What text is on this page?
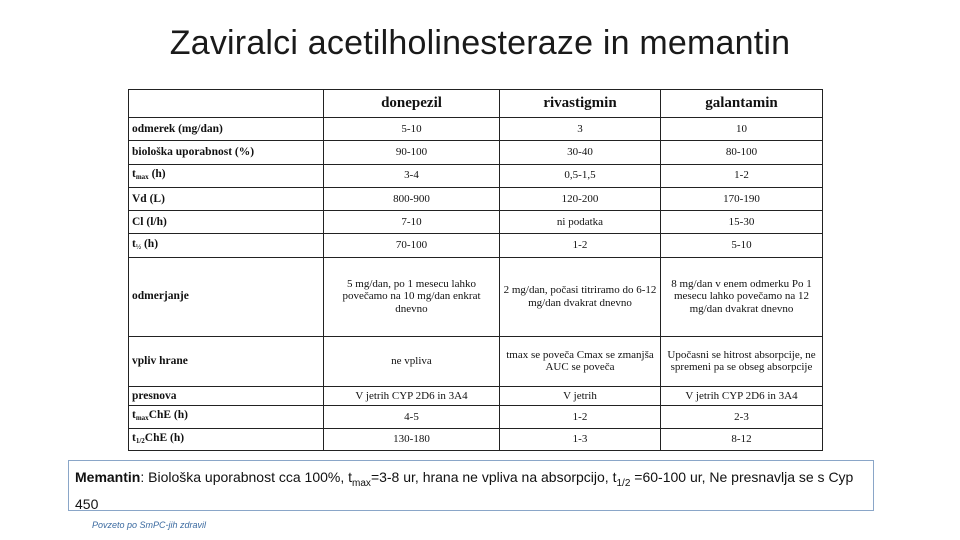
Zaviralci acetilholinesteraze in memantin
	donepezil	rivastigmin	galantamin
odmerek (mg/dan)	5-10	3	10
biološka uporabnost (%)	90-100	30-40	80-100
$t_{max}$ (h)	3-4	0,5-1,5	1-2
Vd (L)	800-900	120-200	170-190
Cl (l/h)	7-10	ni podatka	15-30
$t_{\frac{1}{2}}$ (h)	70-100	1-2	5-10
odmerjanje	5 mg/dan, po 1 mesecu lahko povečamo na 10 mg/dan enkrat dnevno	2 mg/dan, počasi titriramo do 6-12 mg/dan dvakrat dnevno	8 mg/dan v enem odmerku Po 1 mesecu lahko povečamo na 12 mg/dan dvakrat dnevno
vpliv hrane	ne vpliva	tmax se poveča Cmax se zmanjša AUC se poveča	Upočasni se hitrost absorpcije, ne spremeni pa se obseg absorpcije
presnova	V jetrih CYP 2D6 in 3A4	V jetrih	V jetrih CYP 2D6 in 3A4
$t_{max}ChE$ (h)	4-5	1-2	2-3
$t_{1/2}ChE$ (h)	130-180	1-3	8-12
Memantin: Biološka uporabnost cca 100%, $t_{max}=3-8$ ur, hrana ne vpliva na absorpcijo, $t_{1/2} =60-100$ ur, Ne presnavlja se s Cyp 450
Povzeto po SmPC-jih zdravil
